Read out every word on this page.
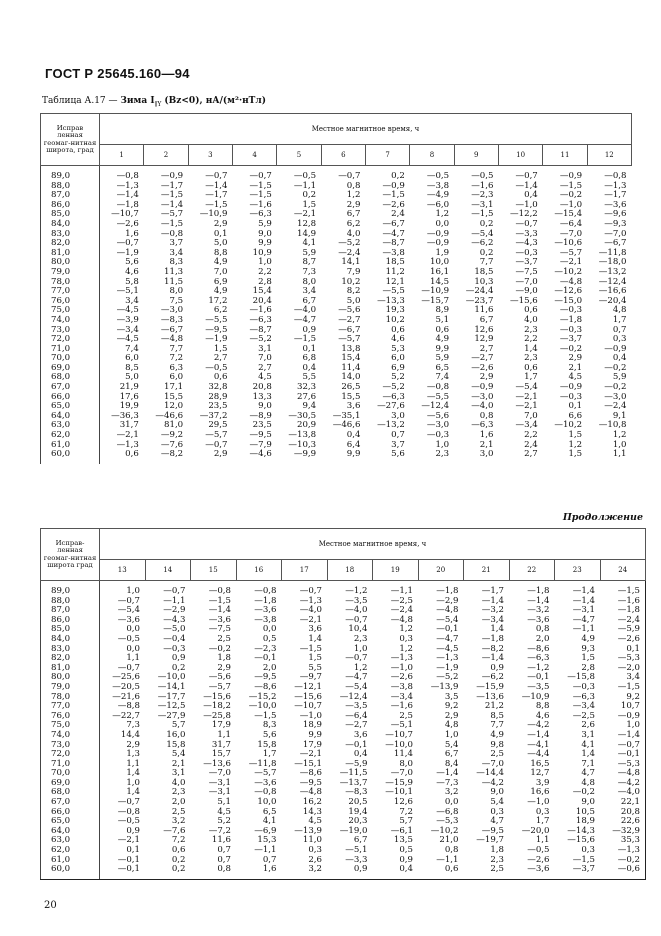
ГОСТ Р 25645.160—94
Таблица А.17 — Зима $I_{\parallel Y}$ (Bz<0), нА/(м²·нТл)
Исправ ленная геомаг-нитная широта, град	Местное магнитное время, ч											
	1	2	3	4	5	6	7	8	9	10	11	12
89,0	—0,8	—0,9	—0,7	—0,7	—0,5	—0,7	0,2	—0,5	—0,5	—0,7	—0,9	—0,8
88,0	—1,3	—1,7	—1,4	—1,5	—1,1	0,8	—0,9	—3,8	—1,6	—1,4	—1,5	—1,3
87,0	—1,4	—1,5	—1,7	—1,5	0,2	1,2	—1,5	—4,9	—2,3	0,4	—0,2	—1,7
86,0	—1,8	—1,4	—1,5	—1,6	1,5	2,9	—2,6	—6,0	—3,1	—1,0	—1,0	—3,6
85,0	—10,7	—5,7	—10,9	—6,3	—2,1	6,7	2,4	1,2	—1,5	—12,2	—15,4	—9,6
84,0	—2,6	—1,5	2,9	5,9	12,8	6,2	—6,7	0,0	0,2	—0,7	—6,4	—9,3
83,0	1,6	—0,8	0,1	9,0	14,9	4,0	—4,7	—0,9	—5,4	—3,3	—7,0	—7,0
82,0	—0,7	3,7	5,0	9,9	4,1	—5,2	—8,7	—0,9	—6,2	—4,3	—10,6	—6,7
81,0	—1,9	3,4	8,8	10,9	5,9	—2,4	—3,8	1,9	0,2	—0,3	—5,7	—11,8
80,0	5,6	8,3	4,9	1,0	8,7	14,1	18,5	10,0	7,7	—3,7	—2,1	—18,0
79,0	4,6	11,3	7,0	2,2	7,3	7,9	11,2	16,1	18,5	—7,5	—10,2	—13,2
78,0	5,8	11,5	6,9	2,8	8,0	10,2	12,1	14,5	10,3	—7,0	—4,8	—12,4
77,0	—5,1	8,0	4,9	15,4	3,4	8,2	—5,5	—10,9	—24,4	—9,0	—12,6	—16,6
76,0	3,4	7,5	17,2	20,4	6,7	5,0	—13,3	—15,7	—23,7	—15,6	—15,0	—20,4
75,0	—4,5	—3,0	6,2	—1,6	—4,0	—5,6	19,3	8,9	11,6	0,6	—0,3	4,8
74,0	—3,9	—8,3	—5,5	—6,3	—4,7	—2,7	10,2	5,1	6,7	4,0	—1,8	1,7
73,0	—3,4	—6,7	—9,5	—8,7	0,9	—6,7	0,6	0,6	12,6	2,3	—0,3	0,7
72,0	—4,5	—4,8	—1,9	—5,2	—1,5	—5,7	4,6	4,9	12,9	2,2	—3,7	0,3
71,0	7,4	7,7	1,5	3,1	0,1	13,8	5,3	9,9	2,7	1,4	—0,2	—0,9
70,0	6,0	7,2	2,7	7,0	6,8	15,4	6,0	5,9	—2,7	2,3	2,9	0,4
69,0	8,5	6,3	—0,5	2,7	0,4	11,4	6,9	6,5	—2,6	0,6	2,1	—0,2
68,0	5,0	6,0	0,6	4,5	5,5	14,0	5,2	7,4	2,9	1,7	4,5	5,9
67,0	21,9	17,1	32,8	20,8	32,3	26,5	—5,2	—0,8	—0,9	—5,4	—0,9	—0,2
66,0	17,6	15,5	28,9	13,3	27,6	15,5	—6,3	—5,5	—3,0	—2,1	—0,3	—3,0
65,0	19,9	12,0	23,5	9,0	9,4	3,6	—27,6	—12,4	—4,0	—2,1	0,1	—2,4
64,0	—36,3	—46,6	—37,2	—8,9	—30,5	—35,1	3,0	—5,6	0,8	7,0	6,6	9,1
63,0	31,7	81,0	29,5	23,5	20,9	—46,6	—13,2	—3,0	—6,3	—3,4	—10,2	—10,8
62,0	—2,1	—9,2	—5,7	—9,5	—13,8	0,4	0,7	—0,3	1,6	2,2	1,5	1,2
61,0	—1,3	—7,6	—0,7	—7,9	—10,3	6,4	3,7	1,0	2,1	2,4	1,2	1,0
60,0	0,6	—8,2	2,9	—4,6	—9,9	9,9	5,6	2,3	3,0	2,7	1,5	1,1
Продолжение
Исправ-ленная геомаг-нитная широта град	Местное магнитное время, ч											
	13	14	15	16	17	18	19	20	21	22	23	24
89,0	1,0	—0,7	—0,8	—0,8	—0,7	—1,2	—1,1	—1,8	—1,7	—1,8	—1,4	—1,5
88,0	—0,7	—1,1	—1,5	—1,8	—1,3	—3,5	—2,5	—2,9	—1,4	—1,4	—1,4	—1,6
87,0	—5,4	—2,9	—1,4	—3,6	—4,0	—4,0	—2,4	—4,8	—3,2	—3,2	—3,1	—1,8
86,0	—3,6	—4,3	—3,6	—3,8	—2,1	—0,7	—4,8	—5,4	—3,4	—3,6	—4,7	—2,4
85,0	0,0	—5,0	—7,5	0,0	3,6	10,4	1,2	—0,1	1,4	0,8	—1,1	—5,9
84,0	—0,5	—0,4	2,5	0,5	1,4	2,3	0,3	—4,7	—1,8	2,0	4,9	—2,6
83,0	0,0	—0,3	—0,2	—2,3	—1,5	1,0	1,2	—4,5	—8,2	—8,6	9,3	0,1
82,0	1,1	0,9	1,8	—0,1	1,5	—0,7	—1,3	—1,3	—1,4	—6,3	1,5	—5,3
81,0	—0,7	0,2	2,9	2,0	5,5	1,2	—1,0	—1,9	0,9	—1,2	2,8	—2,0
80,0	—25,6	—10,0	—5,6	—9,5	—9,7	—4,7	—2,6	—5,2	—6,2	—0,1	—15,8	3,4
79,0	—20,5	—14,1	—5,7	—8,6	—12,1	—5,4	—3,8	—13,9	—15,9	—3,5	—0,3	—1,5
78,0	—21,6	—17,7	—15,6	—15,2	—15,6	—12,4	—3,4	3,5	—13,6	—10,9	—6,3	9,2
77,0	—8,8	—12,5	—18,2	—10,0	—10,7	—3,5	—1,6	9,2	21,2	8,8	—3,4	10,7
76,0	—22,7	—27,9	—25,8	—1,5	—1,0	—6,4	2,5	2,9	8,5	4,6	—2,5	—0,9
75,0	7,3	5,7	17,9	8,3	18,9	—2,7	—5,1	4,8	7,7	—4,2	2,6	1,0
74,0	14,4	16,0	1,1	5,6	9,9	3,6	—10,7	1,0	4,9	—1,4	3,1	—1,4
73,0	2,9	15,8	31,7	15,8	17,9	—0,1	—10,0	5,4	9,8	—4,1	4,1	—0,7
72,0	1,3	5,4	15,7	1,7	—2,1	0,4	11,4	6,7	2,5	—4,4	1,4	—0,1
71,0	1,1	2,1	—13,6	—11,8	—15,1	—5,9	8,0	8,4	—7,0	16,5	7,1	—5,3
70,0	1,4	3,1	—7,0	—5,7	—8,6	—11,5	—7,0	—1,4	—14,4	12,7	4,7	—4,8
69,0	1,0	4,0	—3,1	—3,6	—9,5	—13,7	—15,9	—7,3	—4,2	3,9	4,8	—4,2
68,0	1,4	2,3	—3,1	—0,8	—4,8	—8,3	—10,1	3,2	9,0	16,6	—0,2	—4,0
67,0	—0,7	2,0	5,1	10,0	16,2	20,5	12,6	0,0	5,4	—1,0	9,0	22,1
66,0	—0,8	2,5	4,5	6,5	14,3	19,4	7,2	—6,8	0,3	0,3	10,5	20,8
65,0	—0,5	3,2	5,2	4,1	4,5	20,3	5,7	—5,3	4,7	1,7	18,9	22,6
64,0	0,9	—7,6	—7,2	—6,9	—13,9	—19,0	—6,1	—10,2	—9,5	—20,0	—14,3	—32,9
63,0	—2,1	7,2	11,6	15,3	11,0	6,7	13,5	21,0	—19,7	1,1	—15,6	35,3
62,0	0,1	0,6	0,7	—1,1	0,3	—5,1	0,5	0,8	1,8	—0,5	0,3	—1,3
61,0	—0,1	0,2	0,7	0,7	2,6	—3,3	0,9	—1,1	2,3	—2,6	—1,5	—0,2
60,0	—0,1	0,2	0,8	1,6	3,2	0,9	0,4	0,6	2,5	—3,6	—3,7	—0,6
20
